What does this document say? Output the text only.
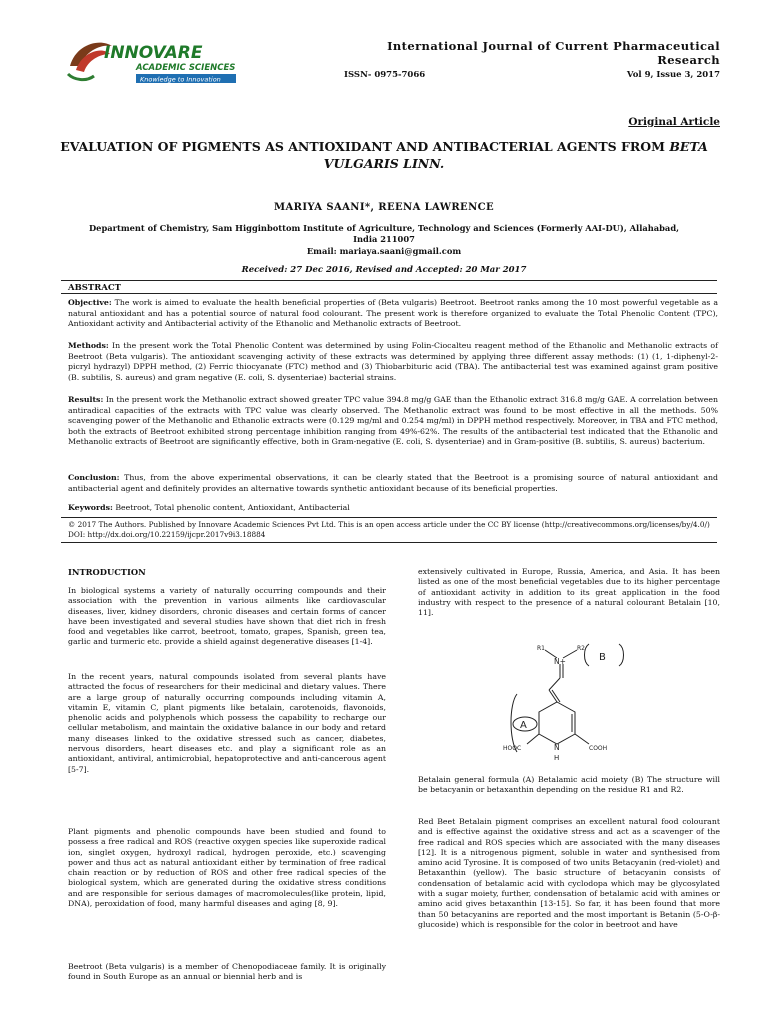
INNOVARE
ACADEMIC SCIENCES
Knowledge to Innovation
International Journal of Current Pharmaceutical Research
ISSN- 0975-7066	Vol 9, Issue 3, 2017
Original Article
EVALUATION OF PIGMENTS AS ANTIOXIDANT AND ANTIBACTERIAL AGENTS FROM BETA VULGARIS LINN.
MARIYA SAANI*, REENA LAWRENCE
Department of Chemistry, Sam Higginbottom Institute of Agriculture, Technology and Sciences (Formerly AAI-DU), Allahabad, India 211007
Email: mariaya.saani@gmail.com
Received: 27 Dec 2016, Revised and Accepted: 20 Mar 2017
ABSTRACT
Objective: The work is aimed to evaluate the health beneficial properties of (Beta vulgaris) Beetroot. Beetroot ranks among the 10 most powerful vegetable as a natural antioxidant and has a potential source of natural food colourant. The present work is therefore organized to evaluate the Total Phenolic Content (TPC), Antioxidant activity and Antibacterial activity of the Ethanolic and Methanolic extracts of Beetroot.
Methods: In the present work the Total Phenolic Content was determined by using Folin-Ciocalteu reagent method of the Ethanolic and Methanolic extracts of Beetroot (Beta vulgaris). The antioxidant scavenging activity of these extracts was determined by applying three different assay methods: (1) (1, 1-diphenyl-2-picryl hydrazyl) DPPH method, (2) Ferric thiocyanate (FTC) method and (3) Thiobarbituric acid (TBA). The antibacterial test was examined against gram positive (B. subtilis, S. aureus) and gram negative (E. coli, S. dysenteriae) bacterial strains.
Results: In the present work the Methanolic extract showed greater TPC value 394.8 mg/g GAE than the Ethanolic extract 316.8 mg/g GAE. A correlation between antiradical capacities of the extracts with TPC value was clearly observed. The Methanolic extract was found to be most effective in all the methods. 50% scavenging power of the Methanolic and Ethanolic extracts were (0.129 mg/ml and 0.254 mg/ml) in DPPH method respectively. Moreover, in TBA and FTC method, both the extracts of Beetroot exhibited strong percentage inhibition ranging from 49%-62%. The results of the antibacterial test indicated that the Ethanolic and Methanolic extracts of Beetroot are significantly effective, both in Gram-negative (E. coli, S. dysenteriae) and in Gram-positive (B. subtilis, S. aureus) bacterium.
Conclusion: Thus, from the above experimental observations, it can be clearly stated that the Beetroot is a promising source of natural antioxidant and antibacterial agent and definitely provides an alternative towards synthetic antioxidant because of its beneficial properties.
Keywords: Beetroot, Total phenolic content, Antioxidant, Antibacterial
© 2017 The Authors. Published by Innovare Academic Sciences Pvt Ltd. This is an open access article under the CC BY license (http://creativecommons.org/licenses/by/4.0/)
DOI: http://dx.doi.org/10.22159/ijcpr.2017v9i3.18884
INTRODUCTION
In biological systems a variety of naturally occurring compounds and their association with the prevention in various ailments like cardiovascular diseases, liver, kidney disorders, chronic diseases and certain forms of cancer have been investigated and several studies have shown that diet rich in fresh food and vegetables like carrot, beetroot, tomato, grapes, Spanish, green tea, garlic and turmeric etc. provide a shield against degenerative diseases [1-4].
In the recent years, natural compounds isolated from several plants have attracted the focus of researchers for their medicinal and dietary values. There are a large group of naturally occurring compounds including vitamin A, vitamin E, vitamin C, plant pigments like betalain, carotenoids, flavonoids, phenolic acids and polyphenols which possess the capability to recharge our cellular metabolism, and maintain the oxidative balance in our body and retard many diseases linked to the oxidative stressed such as cancer, diabetes, nervous disorders, heart diseases etc. and play a significant role as an antioxidant, antiviral, antimicrobial, hepatoprotective and anti-cancerous agent [5-7].
Plant pigments and phenolic compounds have been studied and found to possess a free radical and ROS (reactive oxygen species like superoxide radical ion, singlet oxygen, hydroxyl radical, hydrogen peroxide, etc.) scavenging power and thus act as natural antioxidant either by termination of free radical chain reaction or by reduction of ROS and other free radical species of the biological system, which are generated during the oxidative stress conditions and are responsible for serious damages of macromolecules(like protein, lipid, DNA), peroxidation of food, many harmful diseases and aging [8, 9].
Beetroot (Beta vulgaris) is a member of Chenopodiaceae family. It is originally found in South Europe as an annual or biennial herb and is
extensively cultivated in Europe, Russia, America, and Asia. It has been listed as one of the most beneficial vegetables due to its higher percentage of antioxidant activity in addition to its great application in the food industry with respect to the presence of a natural colourant Betalain [10, 11].
R1	R2
N+	B
A
N
H
HOOC	COOH
Betalain general formula (A) Betalamic acid moiety (B) The structure will be betacyanin or betaxanthin depending on the residue R1 and R2.
Red Beet Betalain pigment comprises an excellent natural food colourant and is effective against the oxidative stress and act as a scavenger of the free radical and ROS species which are associated with the many diseases [12]. It is a nitrogenous pigment, soluble in water and synthesised from amino acid Tyrosine. It is composed of two units Betacyanin (red-violet) and Betaxanthin (yellow). The basic structure of betacyanin consists of condensation of betalamic acid with cyclodopa which may be glycosylated with a sugar moiety, further, condensation of betalamic acid with amines or amino acid gives betaxanthin [13-15]. So far, it has been found that more than 50 betacyanins are reported and the most important is Betanin (5-O-β-glucoside) which is responsible for the color in beetroot and have
